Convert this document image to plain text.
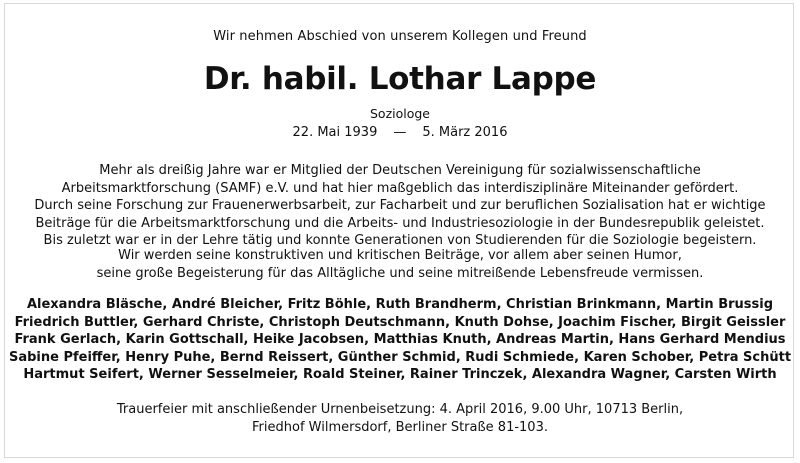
Wir nehmen Abschied von unserem Kollegen und Freund
Dr. habil. Lothar Lappe
Soziologe
22. Mai 1939 — 5. März 2016
Mehr als dreißig Jahre war er Mitglied der Deutschen Vereinigung für sozialwissenschaftliche
Arbeitsmarktforschung (SAMF) e.V. und hat hier maßgeblich das interdisziplinäre Miteinander gefördert.
Durch seine Forschung zur Frauenerwerbsarbeit, zur Facharbeit und zur beruflichen Sozialisation hat er wichtige
Beiträge für die Arbeitsmarktforschung und die Arbeits- und Industriesoziologie in der Bundesrepublik geleistet.
Bis zuletzt war er in der Lehre tätig und konnte Generationen von Studierenden für die Soziologie begeistern.
Wir werden seine konstruktiven und kritischen Beiträge, vor allem aber seinen Humor,
seine große Begeisterung für das Alltägliche und seine mitreißende Lebensfreude vermissen.
Alexandra Bläsche, André Bleicher, Fritz Böhle, Ruth Brandherm, Christian Brinkmann, Martin Brussig
Friedrich Buttler, Gerhard Christe, Christoph Deutschmann, Knuth Dohse, Joachim Fischer, Birgit Geissler
Frank Gerlach, Karin Gottschall, Heike Jacobsen, Matthias Knuth, Andreas Martin, Hans Gerhard Mendius
Sabine Pfeiffer, Henry Puhe, Bernd Reissert, Günther Schmid, Rudi Schmiede, Karen Schober, Petra Schütt
Hartmut Seifert, Werner Sesselmeier, Roald Steiner, Rainer Trinczek, Alexandra Wagner, Carsten Wirth
Trauerfeier mit anschließender Urnenbeisetzung: 4. April 2016, 9.00 Uhr, 10713 Berlin,
Friedhof Wilmersdorf, Berliner Straße 81-103.
